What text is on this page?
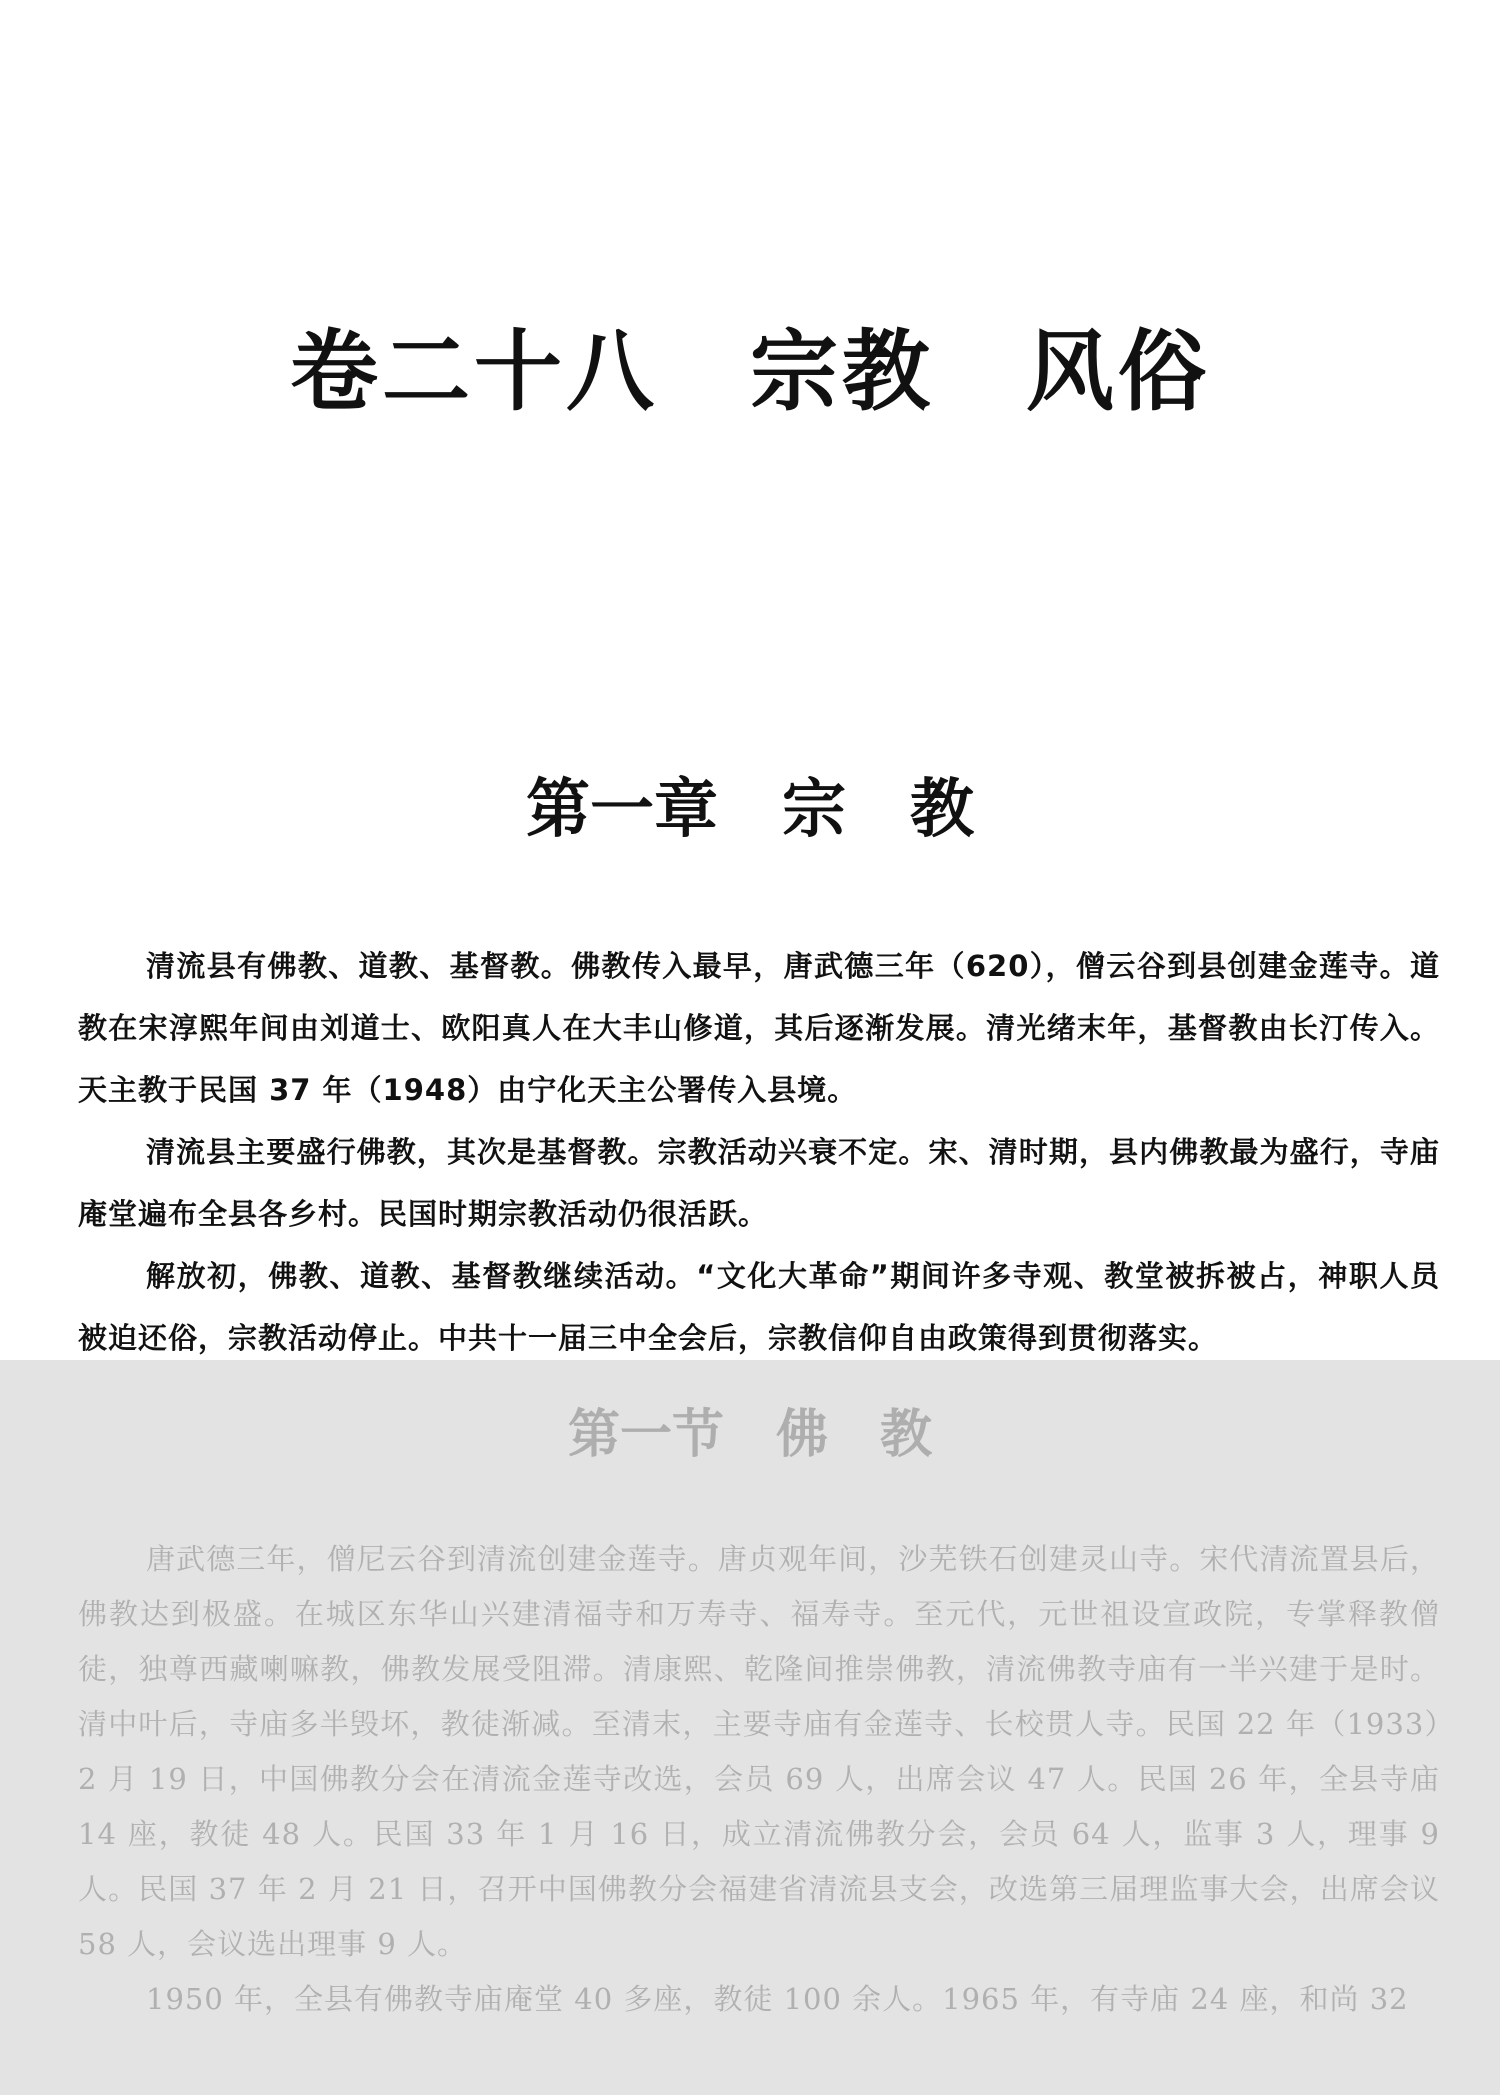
卷二十八　宗教　风俗
第一章　宗　教

清流县有佛教、道教、基督教。佛教传入最早，唐武德三年（620），僧云谷到县创建金莲寺。道教在宋淳熙年间由刘道士、欧阳真人在大丰山修道，其后逐渐发展。清光绪末年，基督教由长汀传入。天主教于民国 37 年（1948）由宁化天主公署传入县境。

清流县主要盛行佛教，其次是基督教。宗教活动兴衰不定。宋、清时期，县内佛教最为盛行，寺庙庵堂遍布全县各乡村。民国时期宗教活动仍很活跃。

解放初，佛教、道教、基督教继续活动。“文化大革命”期间许多寺观、教堂被拆被占，神职人员被迫还俗，宗教活动停止。中共十一届三中全会后，宗教信仰自由政策得到贯彻落实。

第一节　佛　教

唐武德三年，僧尼云谷到清流创建金莲寺。唐贞观年间，沙芜铁石创建灵山寺。宋代清流置县后，佛教达到极盛。在城区东华山兴建清福寺和万寿寺、福寿寺。至元代，元世祖设宣政院，专掌释教僧徒，独尊西藏喇嘛教，佛教发展受阻滞。清康熙、乾隆间推崇佛教，清流佛教寺庙有一半兴建于是时。清中叶后，寺庙多半毁坏，教徒渐减。至清末，主要寺庙有金莲寺、长校贯人寺。民国 22 年（1933）2 月 19 日，中国佛教分会在清流金莲寺改选，会员 69 人，出席会议 47 人。民国 26 年，全县寺庙 14 座，教徒 48 人。民国 33 年 1 月 16 日，成立清流佛教分会，会员 64 人，监事 3 人，理事 9 人。民国 37 年 2 月 21 日，召开中国佛教分会福建省清流县支会，改选第三届理监事大会，出席会议 58 人，会议选出理事 9 人。

1950 年，全县有佛教寺庙庵堂 40 多座，教徒 100 余人。1965 年，有寺庙 24 座，和尚 32
